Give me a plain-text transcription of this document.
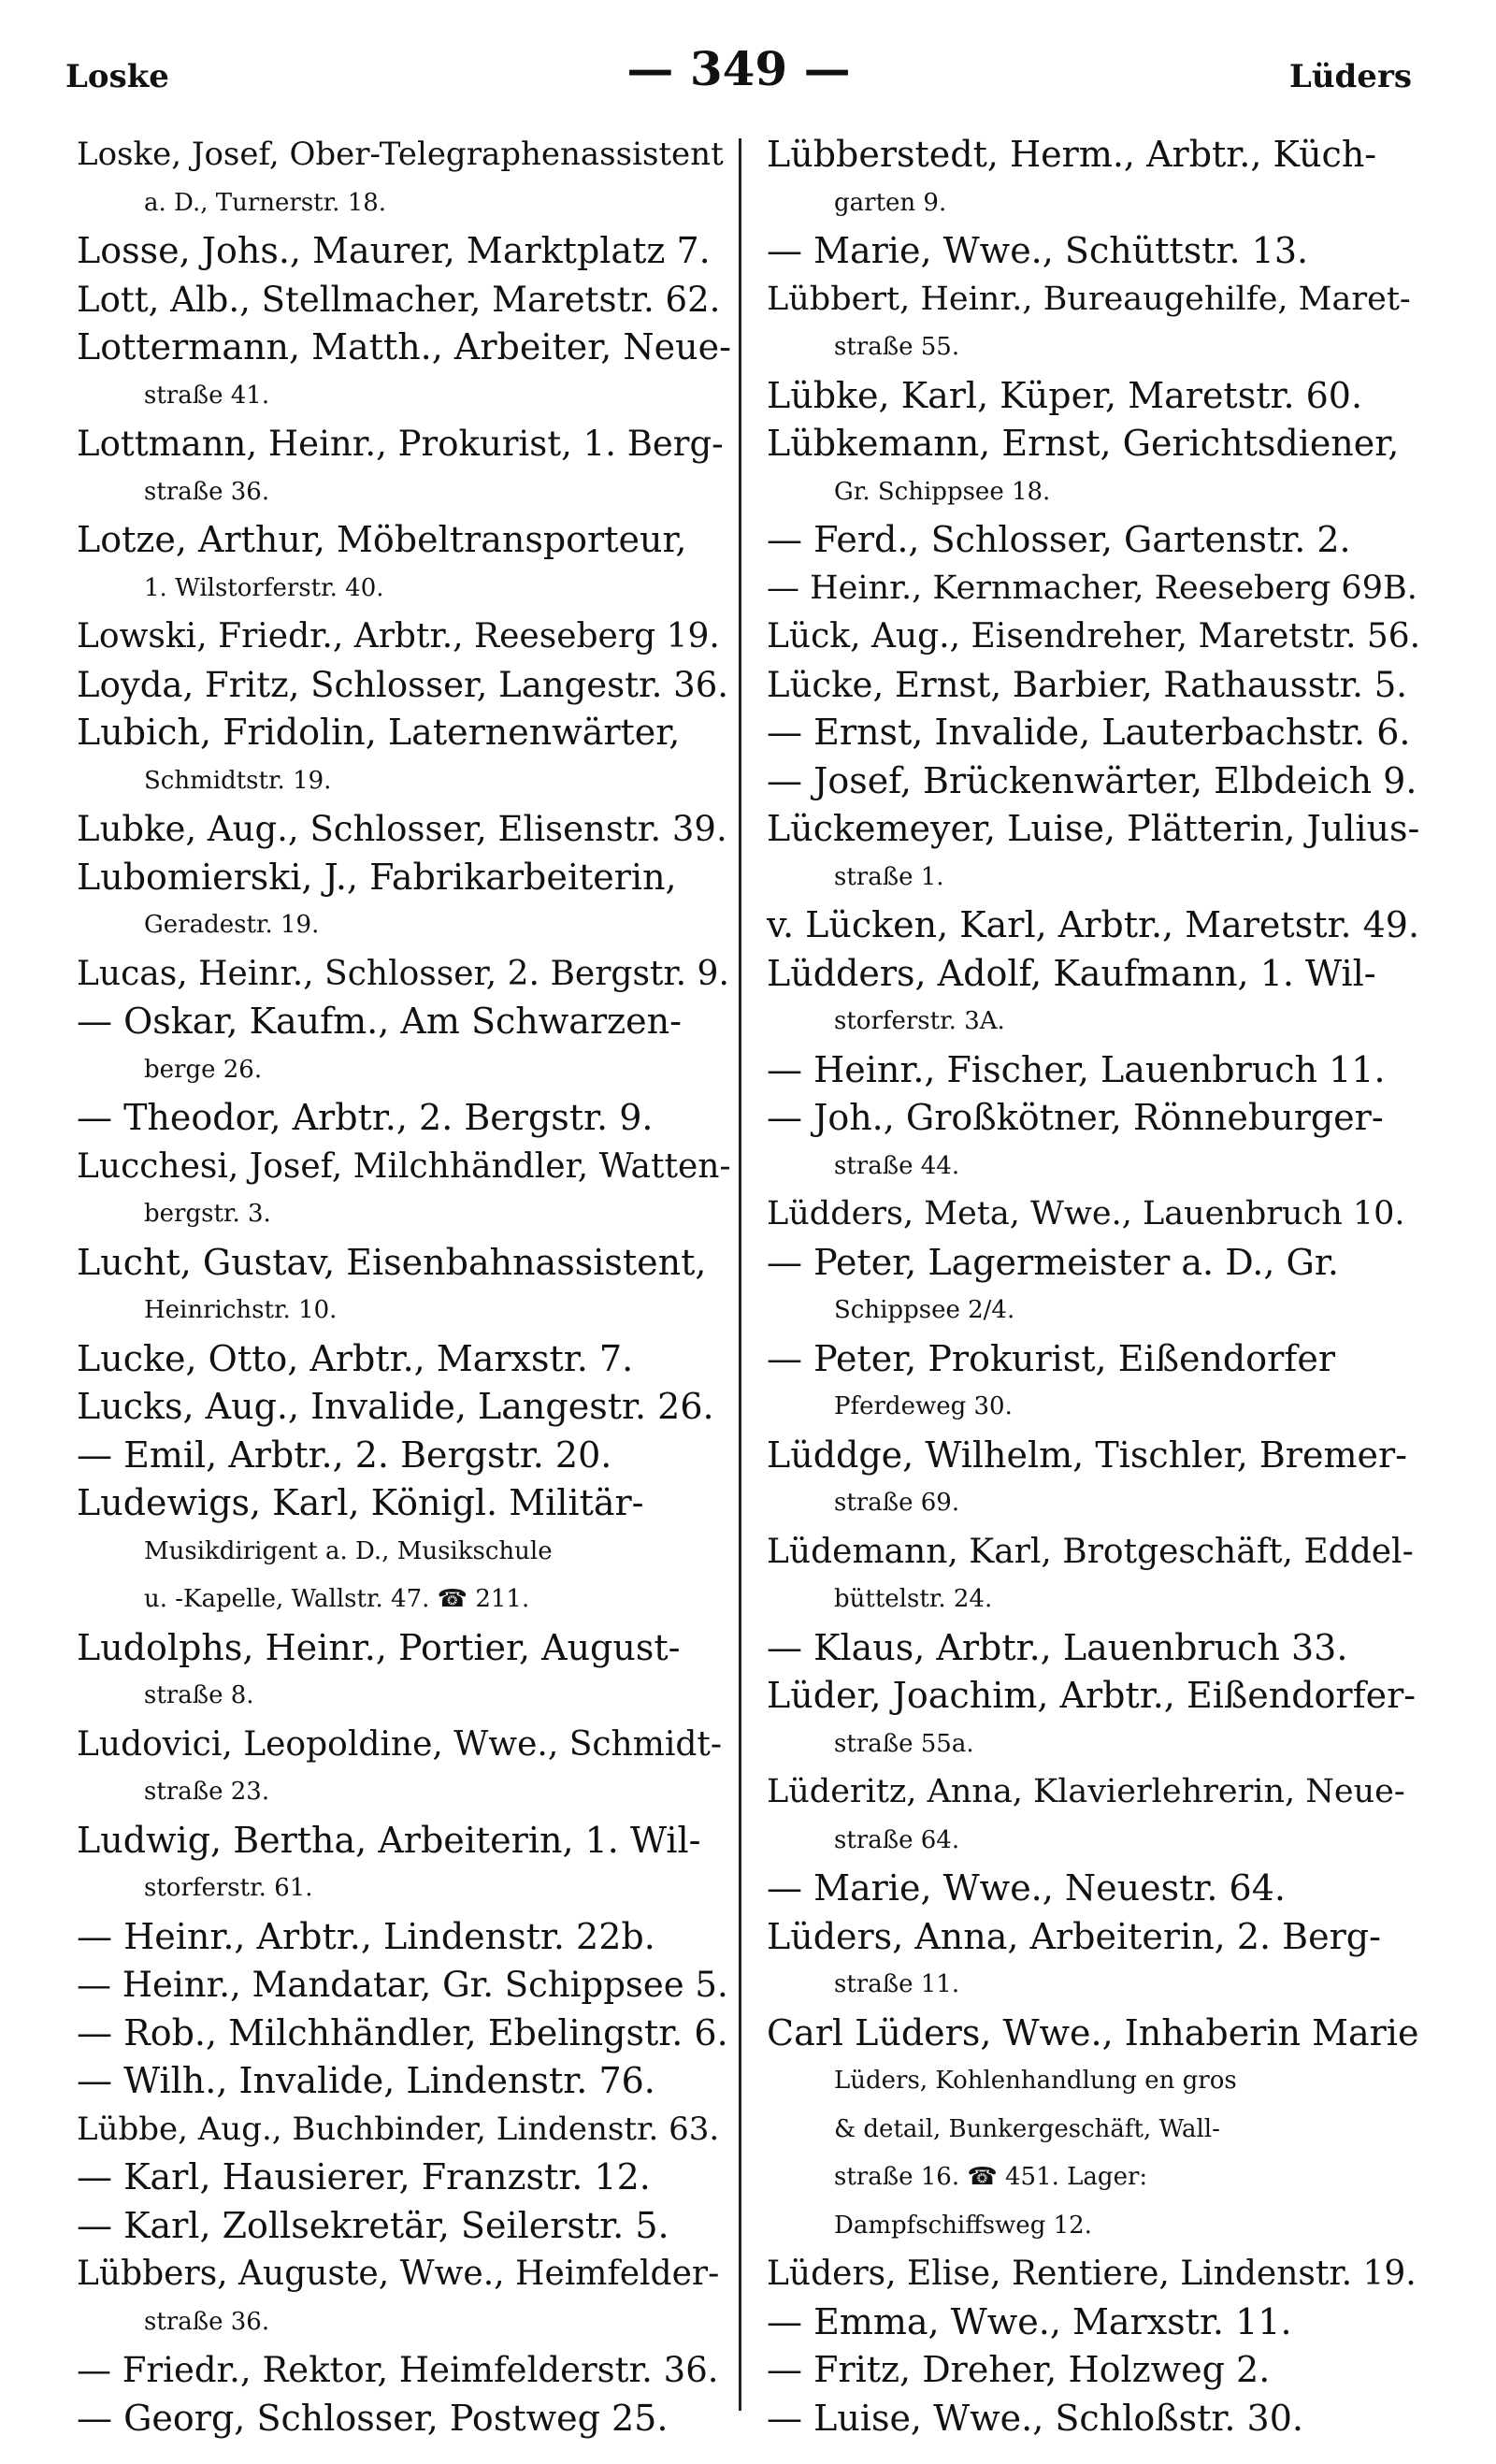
Loske	— 349 —	Lüders
Loske, Josef, Ober-Telegraphenassistent
a. D., Turnerstr. 18.
Losse, Johs., Maurer, Marktplatz 7.
Lott, Alb., Stellmacher, Maretstr. 62.
Lottermann, Matth., Arbeiter, Neue-
straße 41.
Lottmann, Heinr., Prokurist, 1. Berg-
straße 36.
Lotze, Arthur, Möbeltransporteur,
1. Wilstorferstr. 40.
Lowski, Friedr., Arbtr., Reeseberg 19.
Loyda, Fritz, Schlosser, Langestr. 36.
Lubich, Fridolin, Laternenwärter,
Schmidtstr. 19.
Lubke, Aug., Schlosser, Elisenstr. 39.
Lubomierski, J., Fabrikarbeiterin,
Geradestr. 19.
Lucas, Heinr., Schlosser, 2. Bergstr. 9.
— Oskar, Kaufm., Am Schwarzen-
berge 26.
— Theodor, Arbtr., 2. Bergstr. 9.
Lucchesi, Josef, Milchhändler, Watten-
bergstr. 3.
Lucht, Gustav, Eisenbahnassistent,
Heinrichstr. 10.
Lucke, Otto, Arbtr., Marxstr. 7.
Lucks, Aug., Invalide, Langestr. 26.
— Emil, Arbtr., 2. Bergstr. 20.
Ludewigs, Karl, Königl. Militär-
Musikdirigent a. D., Musikschule
u. -Kapelle, Wallstr. 47. ☎ 211.
Ludolphs, Heinr., Portier, August-
straße 8.
Ludovici, Leopoldine, Wwe., Schmidt-
straße 23.
Ludwig, Bertha, Arbeiterin, 1. Wil-
storferstr. 61.
— Heinr., Arbtr., Lindenstr. 22b.
— Heinr., Mandatar, Gr. Schippsee 5.
— Rob., Milchhändler, Ebelingstr. 6.
— Wilh., Invalide, Lindenstr. 76.
Lübbe, Aug., Buchbinder, Lindenstr. 63.
— Karl, Hausierer, Franzstr. 12.
— Karl, Zollsekretär, Seilerstr. 5.
Lübbers, Auguste, Wwe., Heimfelder-
straße 36.
— Friedr., Rektor, Heimfelderstr. 36.
— Georg, Schlosser, Postweg 25.
Lübberstedt, Herm., Arbtr., Küch-
garten 9.
— Marie, Wwe., Schüttstr. 13.
Lübbert, Heinr., Bureaugehilfe, Maret-
straße 55.
Lübke, Karl, Küper, Maretstr. 60.
Lübkemann, Ernst, Gerichtsdiener,
Gr. Schippsee 18.
— Ferd., Schlosser, Gartenstr. 2.
— Heinr., Kernmacher, Reeseberg 69B.
Lück, Aug., Eisendreher, Maretstr. 56.
Lücke, Ernst, Barbier, Rathausstr. 5.
— Ernst, Invalide, Lauterbachstr. 6.
— Josef, Brückenwärter, Elbdeich 9.
Lückemeyer, Luise, Plätterin, Julius-
straße 1.
v. Lücken, Karl, Arbtr., Maretstr. 49.
Lüdders, Adolf, Kaufmann, 1. Wil-
storferstr. 3A.
— Heinr., Fischer, Lauenbruch 11.
— Joh., Großkötner, Rönneburger-
straße 44.
Lüdders, Meta, Wwe., Lauenbruch 10.
— Peter, Lagermeister a. D., Gr.
Schippsee 2/4.
— Peter, Prokurist, Eißendorfer
Pferdeweg 30.
Lüddge, Wilhelm, Tischler, Bremer-
straße 69.
Lüdemann, Karl, Brotgeschäft, Eddel-
büttelstr. 24.
— Klaus, Arbtr., Lauenbruch 33.
Lüder, Joachim, Arbtr., Eißendorfer-
straße 55a.
Lüderitz, Anna, Klavierlehrerin, Neue-
straße 64.
— Marie, Wwe., Neuestr. 64.
Lüders, Anna, Arbeiterin, 2. Berg-
straße 11.
Carl Lüders, Wwe., Inhaberin Marie
Lüders, Kohlenhandlung en gros
& detail, Bunkergeschäft, Wall-
straße 16. ☎ 451. Lager:
Dampfschiffsweg 12.
Lüders, Elise, Rentiere, Lindenstr. 19.
— Emma, Wwe., Marxstr. 11.
— Fritz, Dreher, Holzweg 2.
— Luise, Wwe., Schloßstr. 30.
